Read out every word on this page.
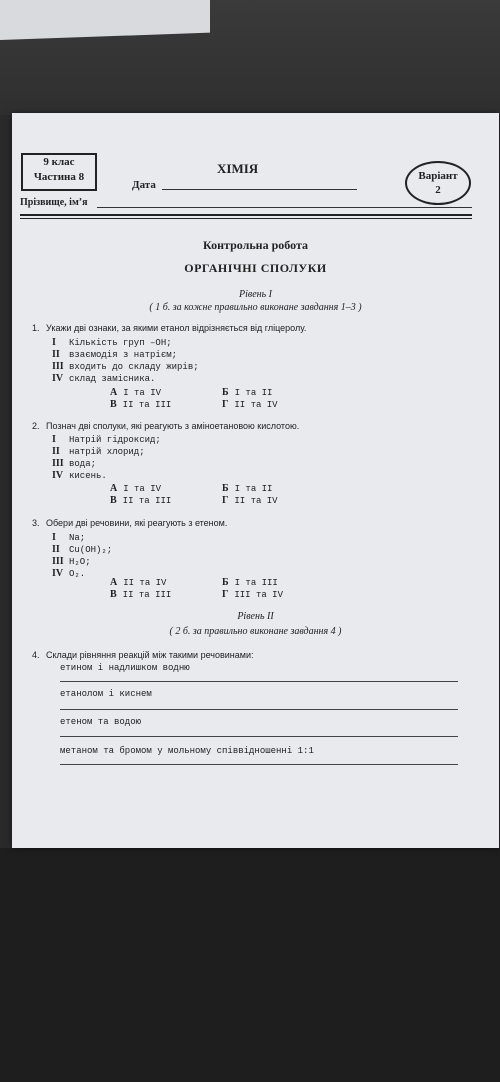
9 клас
Частина 8
ХІМІЯ
Дата
Варіант
2
Прізвище, ім’я
Контрольна робота
ОРГАНІЧНІ СПОЛУКИ
Рівень І
( 1 б. за кожне правильно виконане завдання 1–3 )
1. Укажи дві ознаки, за якими етанол відрізняється від гліцеролу.
І Кількість груп –OH;
ІІ взаємодія з натрієм;
ІІІ входить до складу жирів;
IV склад замісника.
А І та IV	Б І та ІІ
В ІІ та ІІІ	Г ІІ та IV
2. Познач дві сполуки, які реагують з аміноетановою кислотою.
І Натрій гідроксид;
ІІ натрій хлорид;
ІІІ вода;
IV кисень.
А І та IV	Б І та ІІ
В ІІ та ІІІ	Г ІІ та IV
3. Обери дві речовини, які реагують з етеном.
І Na;
ІІ Cu(OH)₂;
ІІІ H₂O;
IV O₂.
А ІІ та IV	Б І та ІІІ
В ІІ та ІІІ	Г ІІІ та IV
Рівень ІІ
( 2 б. за правильно виконане завдання 4 )
4. Склади рівняння реакцій між такими речовинами:
етином і надлишком водню
етанолом і киснем
етеном та водою
метаном та бромом у мольному співвідношенні 1:1
